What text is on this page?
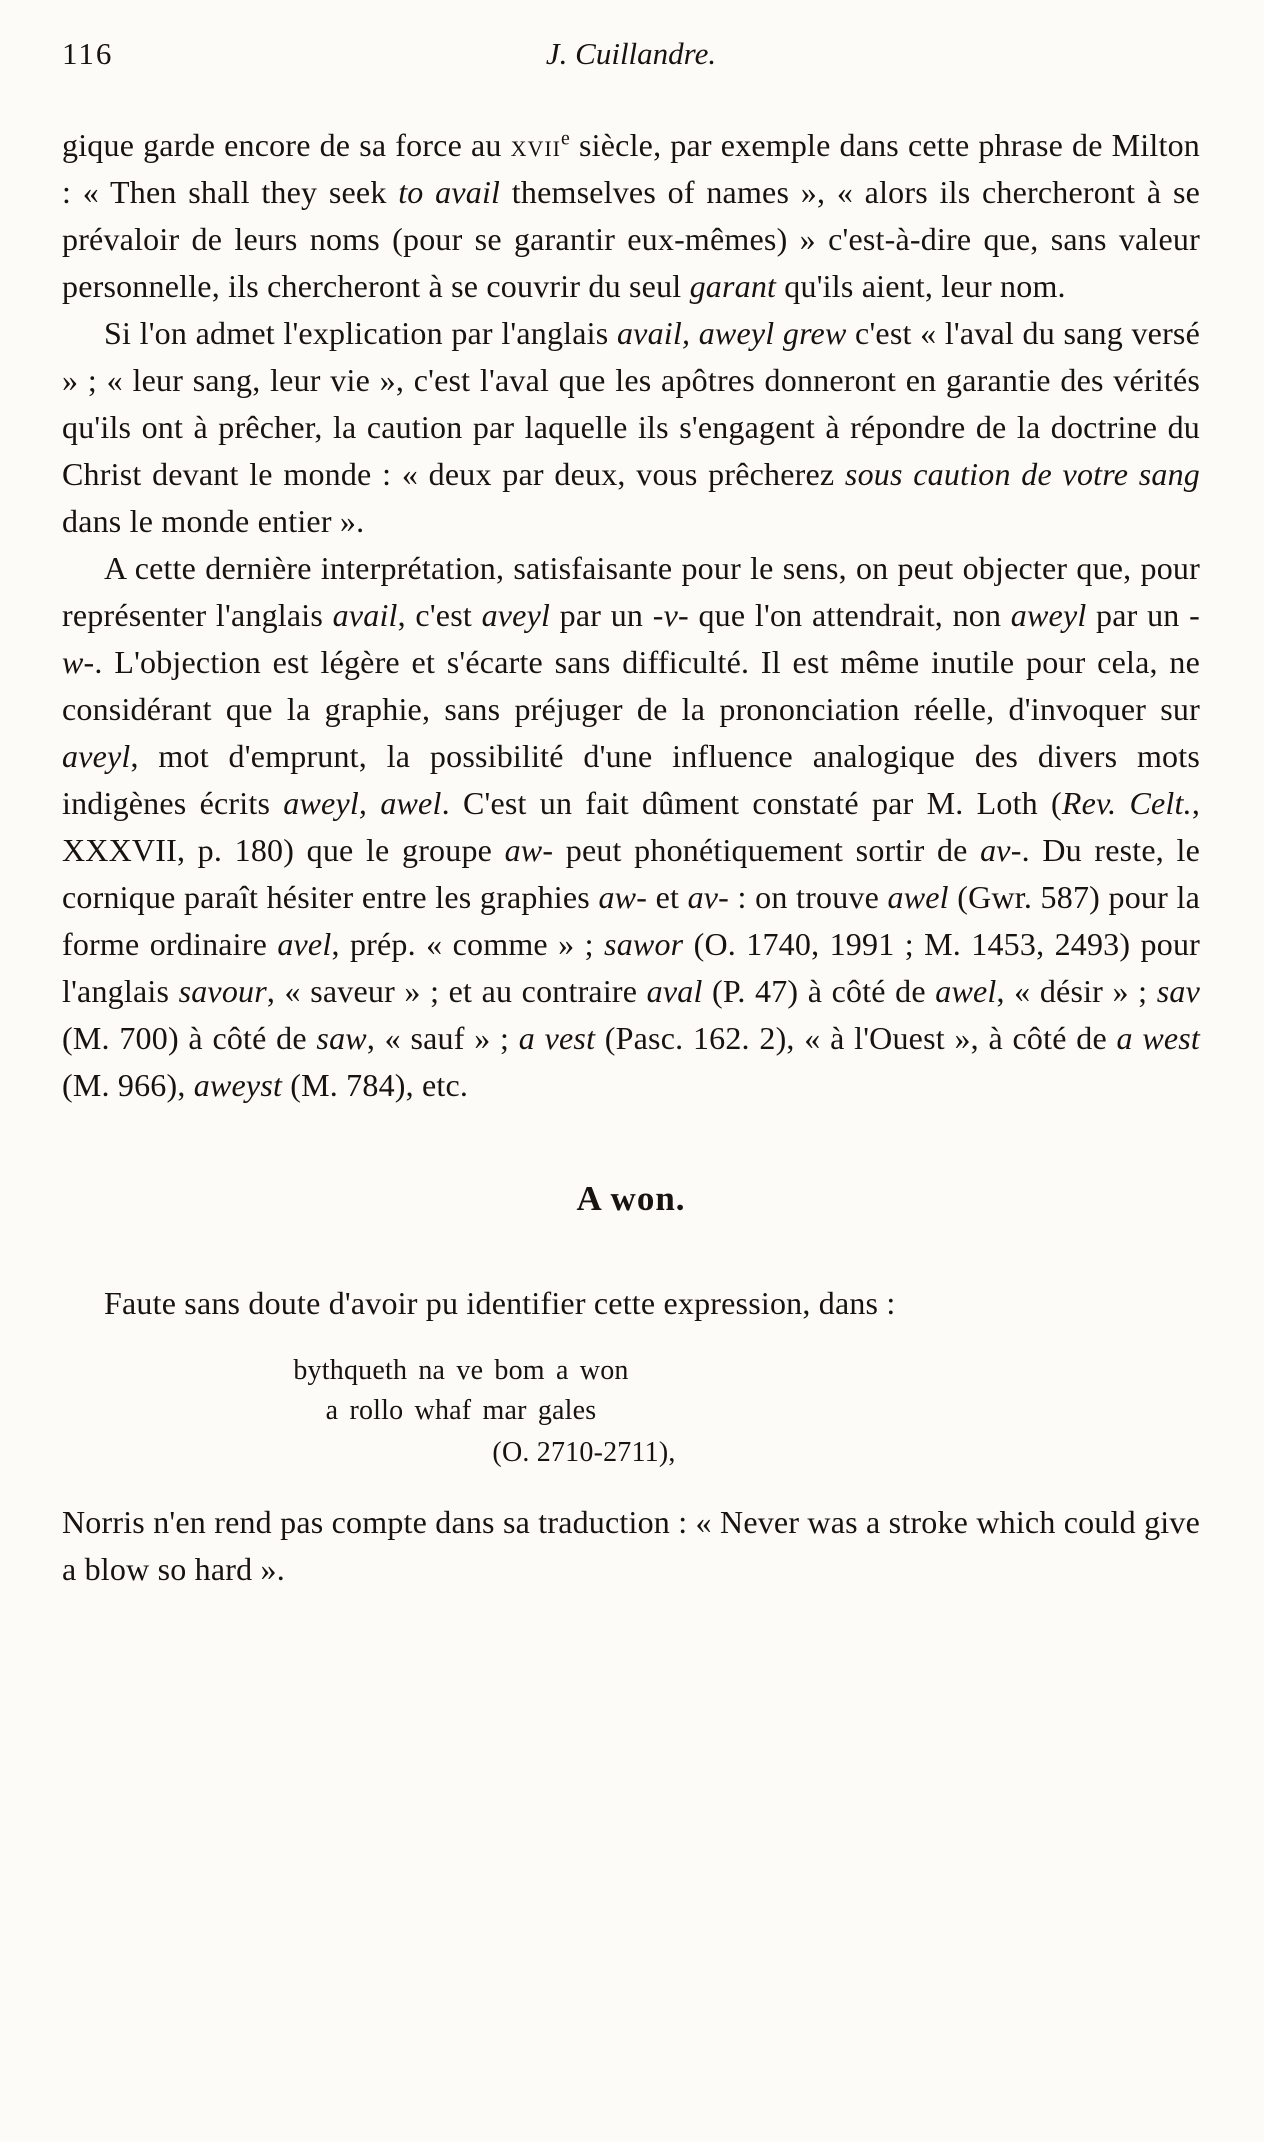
116	J. Cuillandre.

gique garde encore de sa force au xvii$^e$ siècle, par exemple dans cette phrase de Milton : « Then shall they seek to avail themselves of names », « alors ils chercheront à se prévaloir de leurs noms (pour se garantir eux-mêmes) » c'est-à-dire que, sans valeur personnelle, ils chercheront à se couvrir du seul garant qu'ils aient, leur nom.

Si l'on admet l'explication par l'anglais avail, aweyl grew c'est « l'aval du sang versé » ; « leur sang, leur vie », c'est l'aval que les apôtres donneront en garantie des vérités qu'ils ont à prêcher, la caution par laquelle ils s'engagent à répondre de la doctrine du Christ devant le monde : « deux par deux, vous prêcherez sous caution de votre sang dans le monde entier ».

A cette dernière interprétation, satisfaisante pour le sens, on peut objecter que, pour représenter l'anglais avail, c'est aveyl par un -v- que l'on attendrait, non aweyl par un -w-. L'objection est légère et s'écarte sans difficulté. Il est même inutile pour cela, ne considérant que la graphie, sans préjuger de la prononciation réelle, d'invoquer sur aveyl, mot d'emprunt, la possibilité d'une influence analogique des divers mots indigènes écrits aweyl, awel. C'est un fait dûment constaté par M. Loth (Rev. Celt., XXXVII, p. 180) que le groupe aw- peut phonétiquement sortir de av-. Du reste, le cornique paraît hésiter entre les graphies aw- et av- : on trouve awel (Gwr. 587) pour la forme ordinaire avel, prép. « comme » ; sawor (O. 1740, 1991 ; M. 1453, 2493) pour l'anglais savour, « saveur » ; et au contraire aval (P. 47) à côté de awel, « désir » ; sav (M. 700) à côté de saw, « sauf » ; a vest (Pasc. 162. 2), « à l'Ouest », à côté de a west (M. 966), aweyst (M. 784), etc.

A won.

Faute sans doute d'avoir pu identifier cette expression, dans :

bythqueth na ve bom a won
a rollo whaf mar gales
(O. 2710-2711),

Norris n'en rend pas compte dans sa traduction : « Never was a stroke which could give a blow so hard ».
